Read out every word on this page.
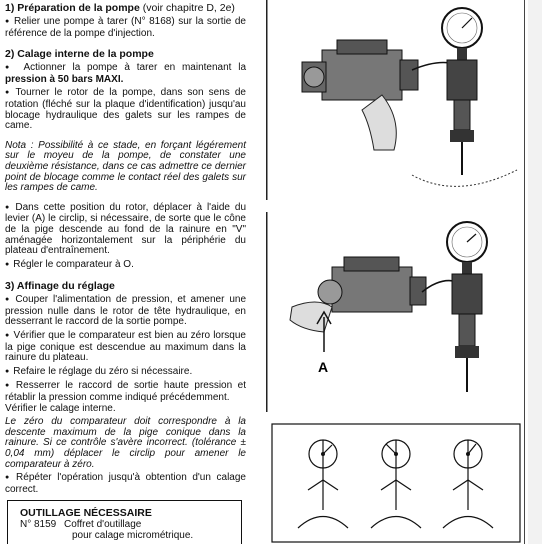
1) Préparation de la pompe (voir chapitre D, 2e)

● Relier une pompe à tarer (N° 8168) sur la sortie de référence de la pompe d'injection.

2) Calage interne de la pompe

● Actionner la pompe à tarer en maintenant la pression à 50 bars MAXI.

● Tourner le rotor de la pompe, dans son sens de rotation (fléché sur la plaque d'identification) jusqu'au blocage hydraulique des galets sur les rampes de came.

Nota : Possibilité à ce stade, en forçant légérement sur le moyeu de la pompe, de constater une deuxième résistance, dans ce cas admettre ce dernier point de blocage comme le contact réel des galets sur les rampes de came.

● Dans cette position du rotor, déplacer à l'aide du levier (A) le circlip, si nécessaire, de sorte que le cône de la pige descende au fond de la rainure en "V" aménagée horizontalement sur la périphérie du plateau d'entraînement.

● Régler le comparateur à O.

3) Affinage du réglage

● Couper l'alimentation de pression, et amener une pression nulle dans le rotor de tête hydraulique, en desserrant le raccord de la sortie pompe.

● Vérifier que le comparateur est bien au zéro lorsque la pige conique est descendue au maximum dans la rainure du plateau.

● Refaire le réglage du zéro si nécessaire.

● Resserrer le raccord de sortie haute pression et rétablir la pression comme indiqué précédemment.

Vérifier le calage interne.

Le zéro du comparateur doit correspondre à la descente maximum de la pige conique dans la rainure. Si ce contrôle s'avère incorrect. (tolérance ± 0,04 mm) déplacer le circlip pour amener le comparateur à zéro.

● Répéter l'opération jusqu'à obtention d'un calage correct.

OUTILLAGE NÉCESSAIRE

N° 8159 Coffret d'outillage

pour calage micrométrique.

A
